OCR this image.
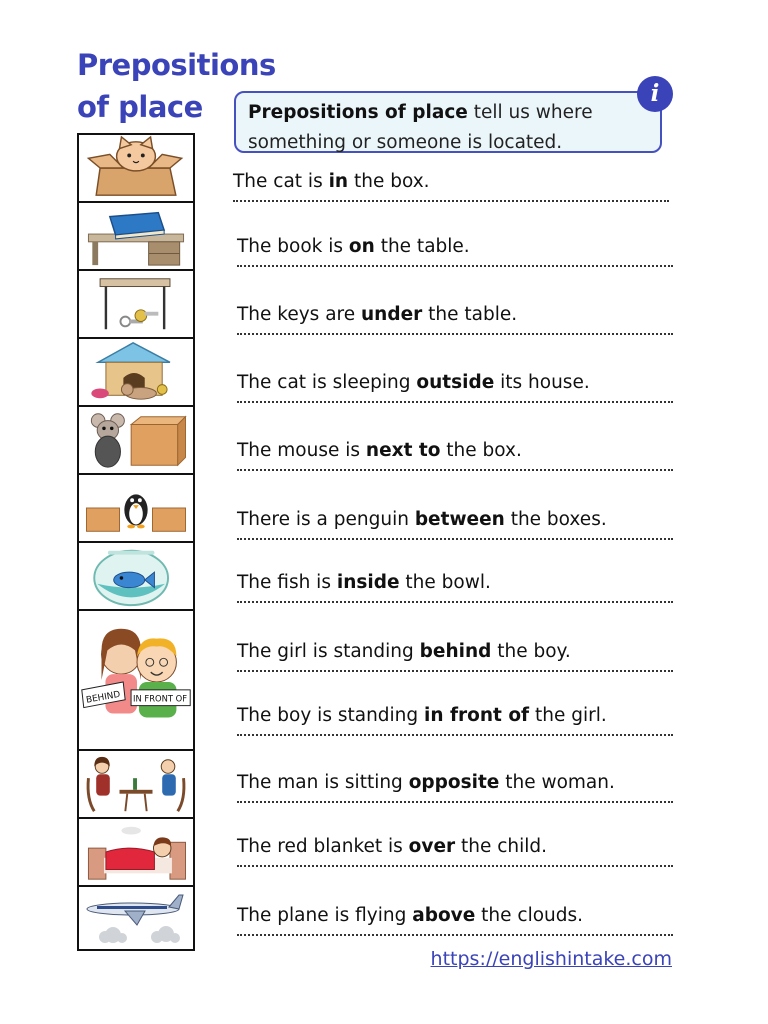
Prepositions
of place	Prepositions of place tell us where
something or someone is located.
i
BEHIND IN FRONT OF
The cat is in the box.
The book is on the table.
The keys are under the table.
The cat is sleeping outside its house.
The mouse is next to the box.
There is a penguin between the boxes.
The fish is inside the bowl.
The girl is standing behind the boy.
The boy is standing in front of the girl.
The man is sitting opposite the woman.
The red blanket is over the child.
The plane is flying above the clouds.
https://englishintake.com
